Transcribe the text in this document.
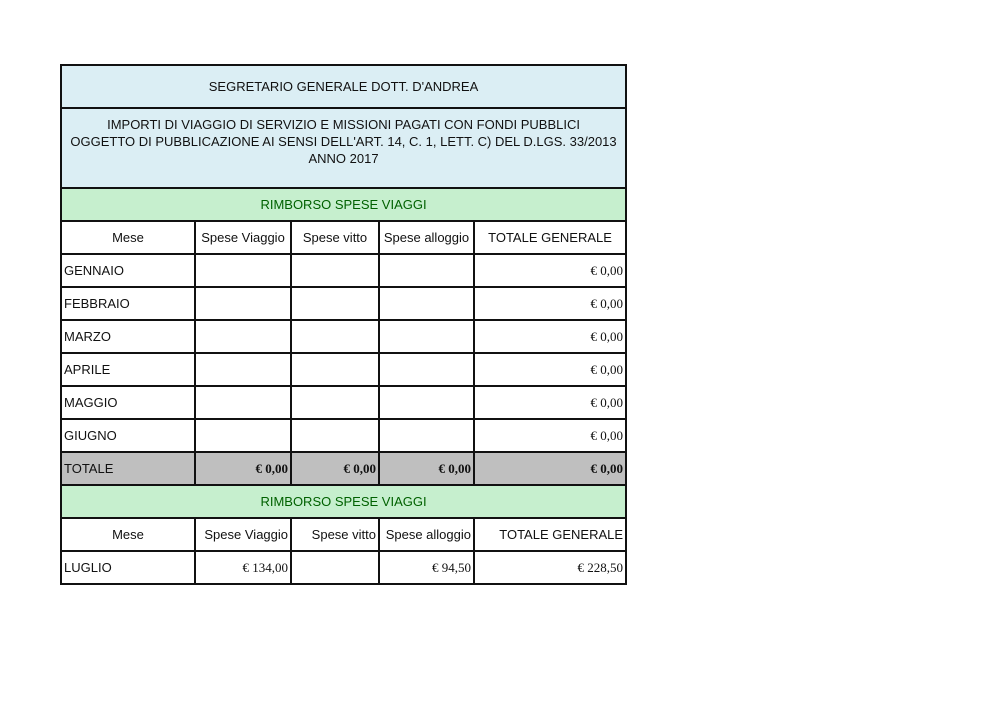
SEGRETARIO GENERALE DOTT. D'ANDREA				

IMPORTI DI VIAGGIO DI SERVIZIO E MISSIONI PAGATI CON FONDI PUBBLICI
OGGETTO DI PUBBLICAZIONE AI SENSI DELL'ART. 14, C. 1, LETT. C) DEL D.LGS. 33/2013
ANNO 2017				

RIMBORSO SPESE VIAGGI				
Mese	Spese Viaggio	Spese vitto	Spese alloggio	TOTALE GENERALE
GENNAIO				€ 0,00
FEBBRAIO				€ 0,00
MARZO				€ 0,00
APRILE				€ 0,00
MAGGIO				€ 0,00
GIUGNO				€ 0,00
TOTALE	€ 0,00	€ 0,00	€ 0,00	€ 0,00
RIMBORSO SPESE VIAGGI				
Mese	Spese Viaggio	Spese vitto	Spese alloggio	TOTALE GENERALE
LUGLIO	€ 134,00		€ 94,50	€ 228,50
